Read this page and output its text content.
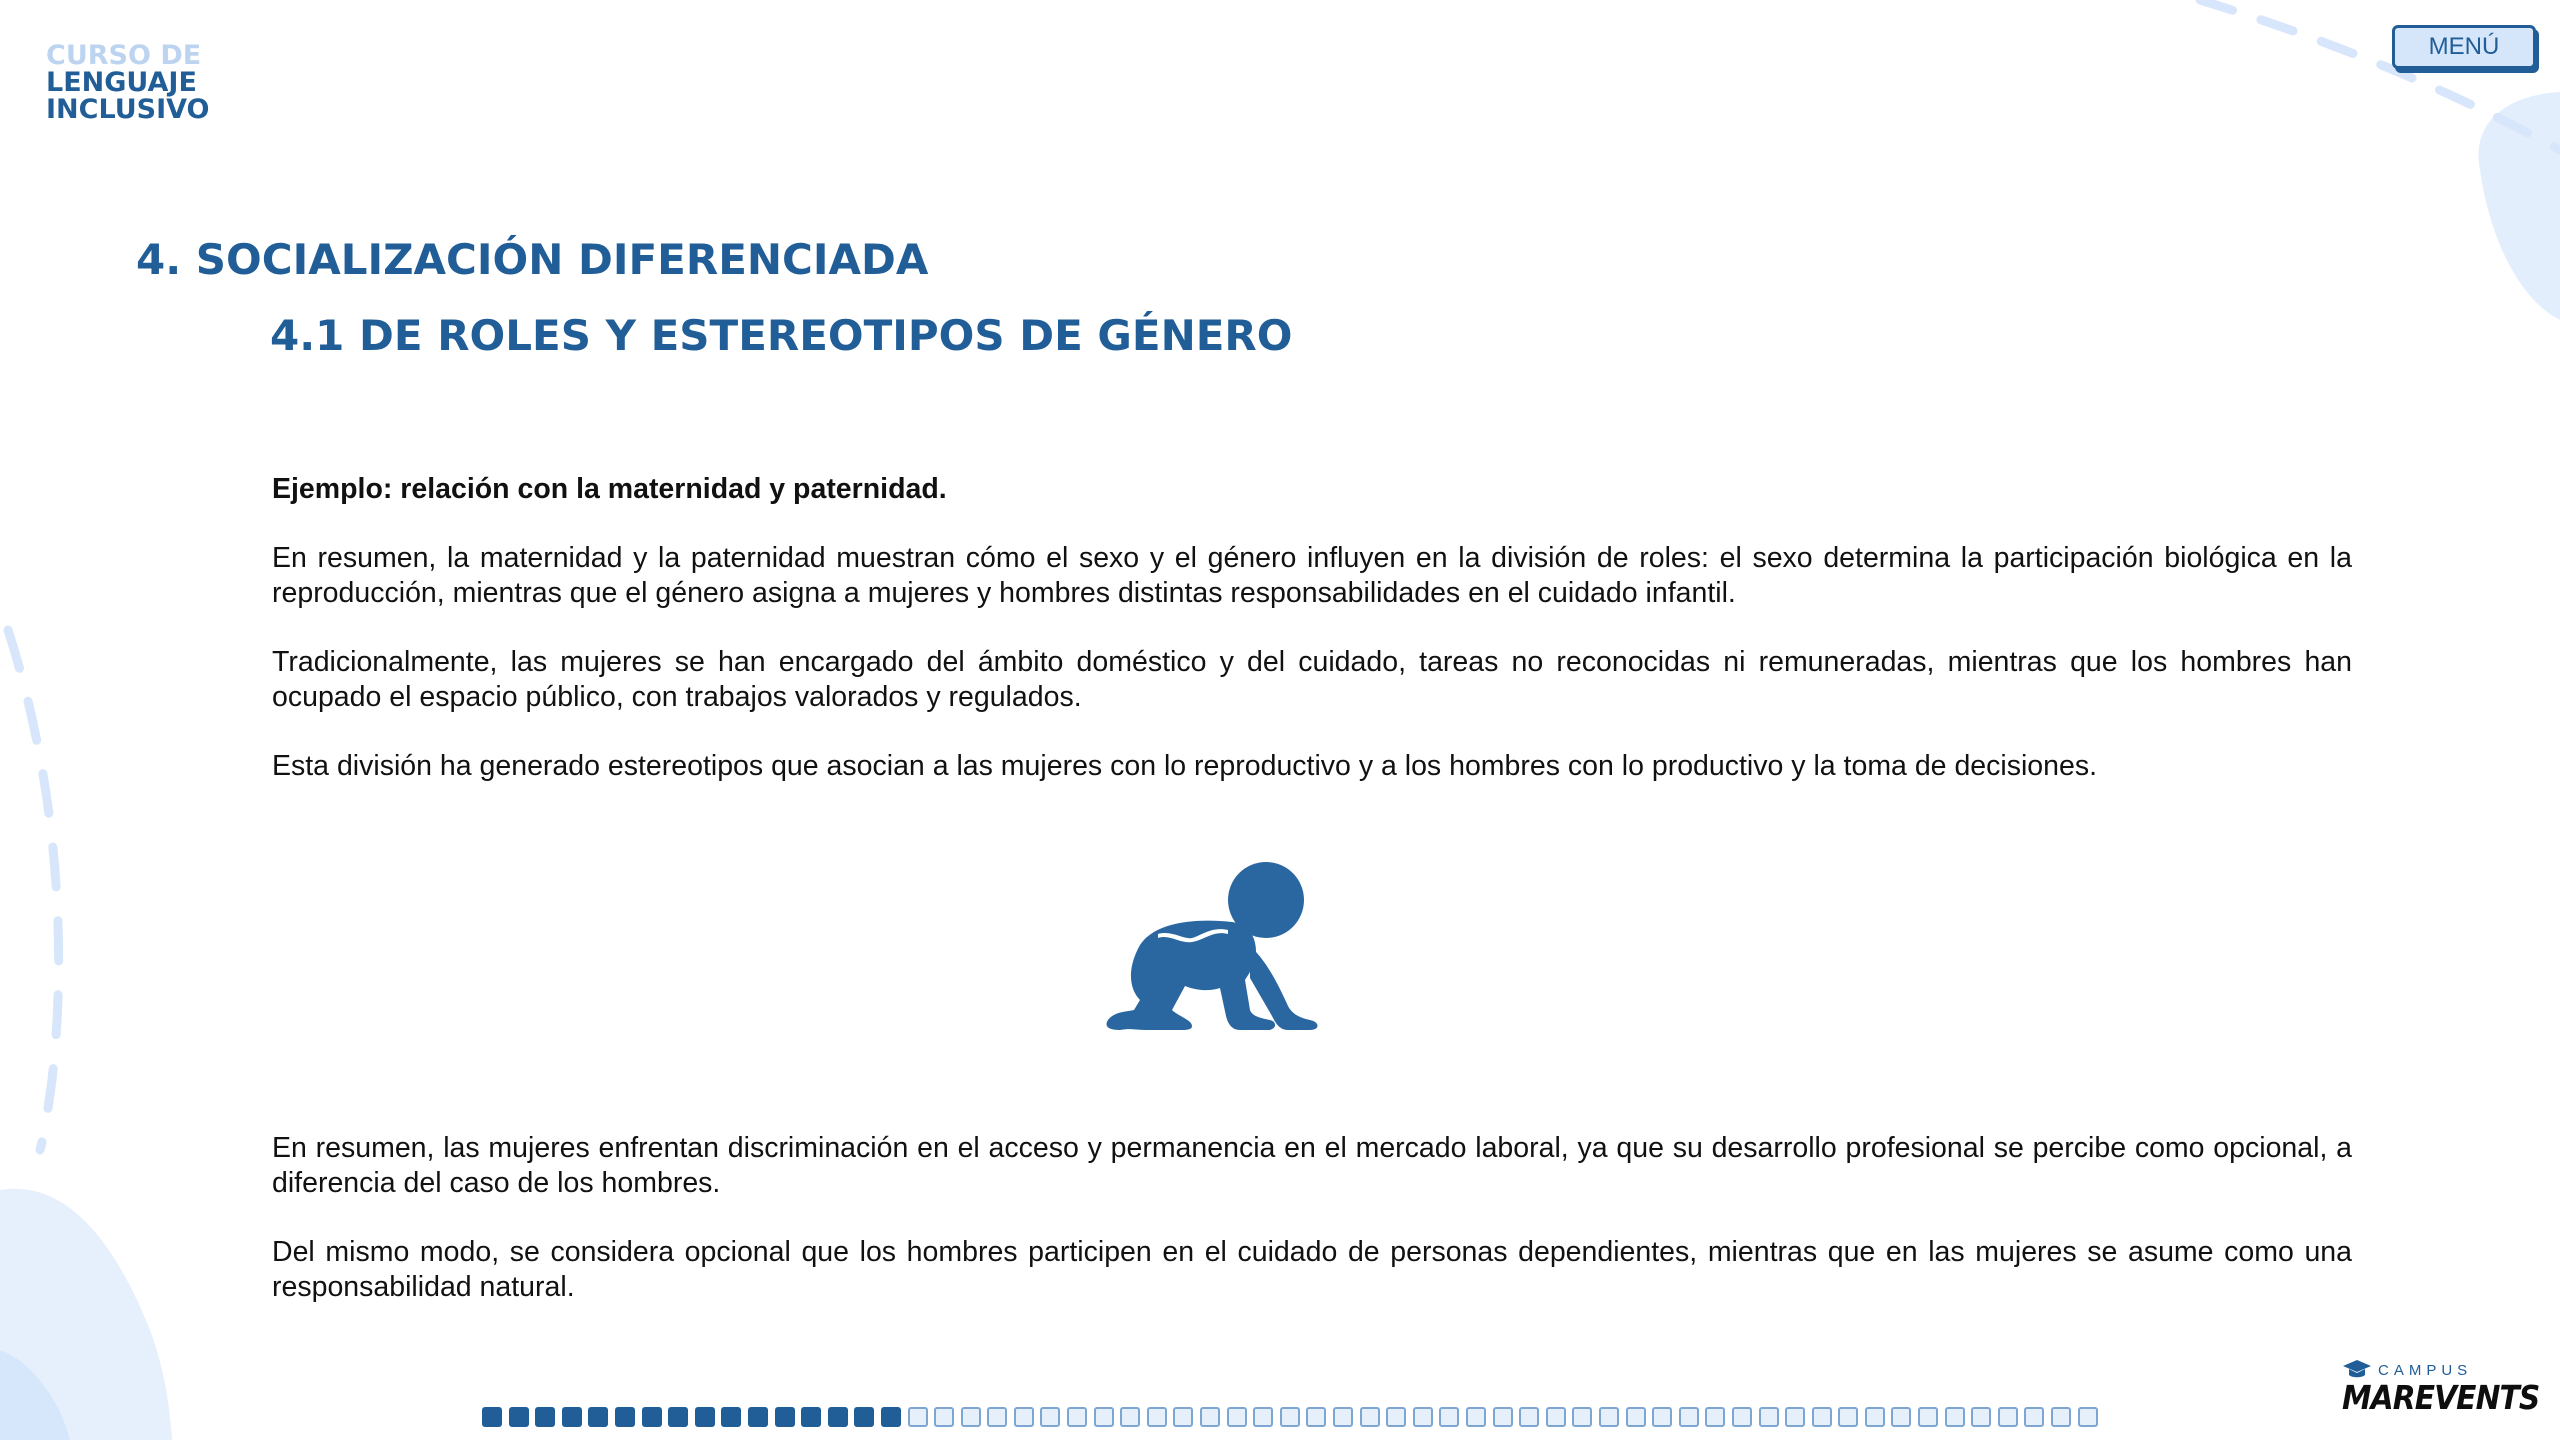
CURSO DE
LENGUAJE
INCLUSIVO
MENÚ
4. SOCIALIZACIÓN DIFERENCIADA
4.1 DE ROLES Y ESTEREOTIPOS DE GÉNERO

Ejemplo: relación con la maternidad y paternidad.

En resumen, la maternidad y la paternidad muestran cómo el sexo y el género influyen en la división de roles: el sexo determina la participación biológica en la reproducción, mientras que el género asigna a mujeres y hombres distintas responsabilidades en el cuidado infantil.

Tradicionalmente, las mujeres se han encargado del ámbito doméstico y del cuidado, tareas no reconocidas ni remuneradas, mientras que los hombres han ocupado el espacio público, con trabajos valorados y regulados.

Esta división ha generado estereotipos que asocian a las mujeres con lo reproductivo y a los hombres con lo productivo y la toma de decisiones.

En resumen, las mujeres enfrentan discriminación en el acceso y permanencia en el mercado laboral, ya que su desarrollo profesional se percibe como opcional, a diferencia del caso de los hombres.

Del mismo modo, se considera opcional que los hombres participen en el cuidado de personas dependientes, mientras que en las mujeres se asume como una responsabilidad natural.

CAMPUS
MAREVENTS
